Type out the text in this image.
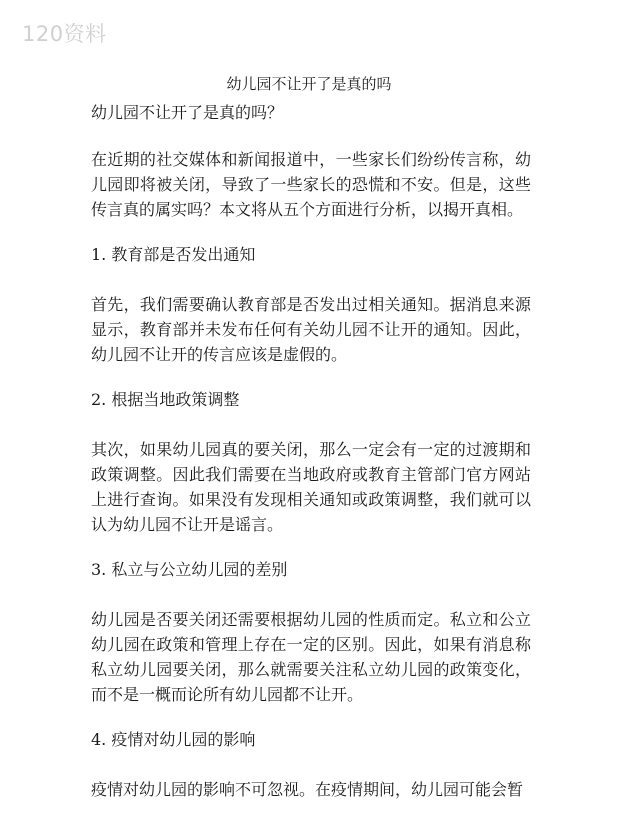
120资料
幼儿园不让开了是真的吗
幼儿园不让开了是真的吗？
在近期的社交媒体和新闻报道中，一些家长们纷纷传言称，幼儿园即将被关闭，导致了一些家长的恐慌和不安。但是，这些传言真的属实吗？本文将从五个方面进行分析，以揭开真相。
1. 教育部是否发出通知
首先，我们需要确认教育部是否发出过相关通知。据消息来源显示，教育部并未发布任何有关幼儿园不让开的通知。因此，幼儿园不让开的传言应该是虚假的。
2. 根据当地政策调整
其次，如果幼儿园真的要关闭，那么一定会有一定的过渡期和政策调整。因此我们需要在当地政府或教育主管部门官方网站上进行查询。如果没有发现相关通知或政策调整，我们就可以认为幼儿园不让开是谣言。
3. 私立与公立幼儿园的差别
幼儿园是否要关闭还需要根据幼儿园的性质而定。私立和公立幼儿园在政策和管理上存在一定的区别。因此，如果有消息称私立幼儿园要关闭，那么就需要关注私立幼儿园的政策变化，而不是一概而论所有幼儿园都不让开。
4. 疫情对幼儿园的影响
疫情对幼儿园的影响不可忽视。在疫情期间，幼儿园可能会暂
